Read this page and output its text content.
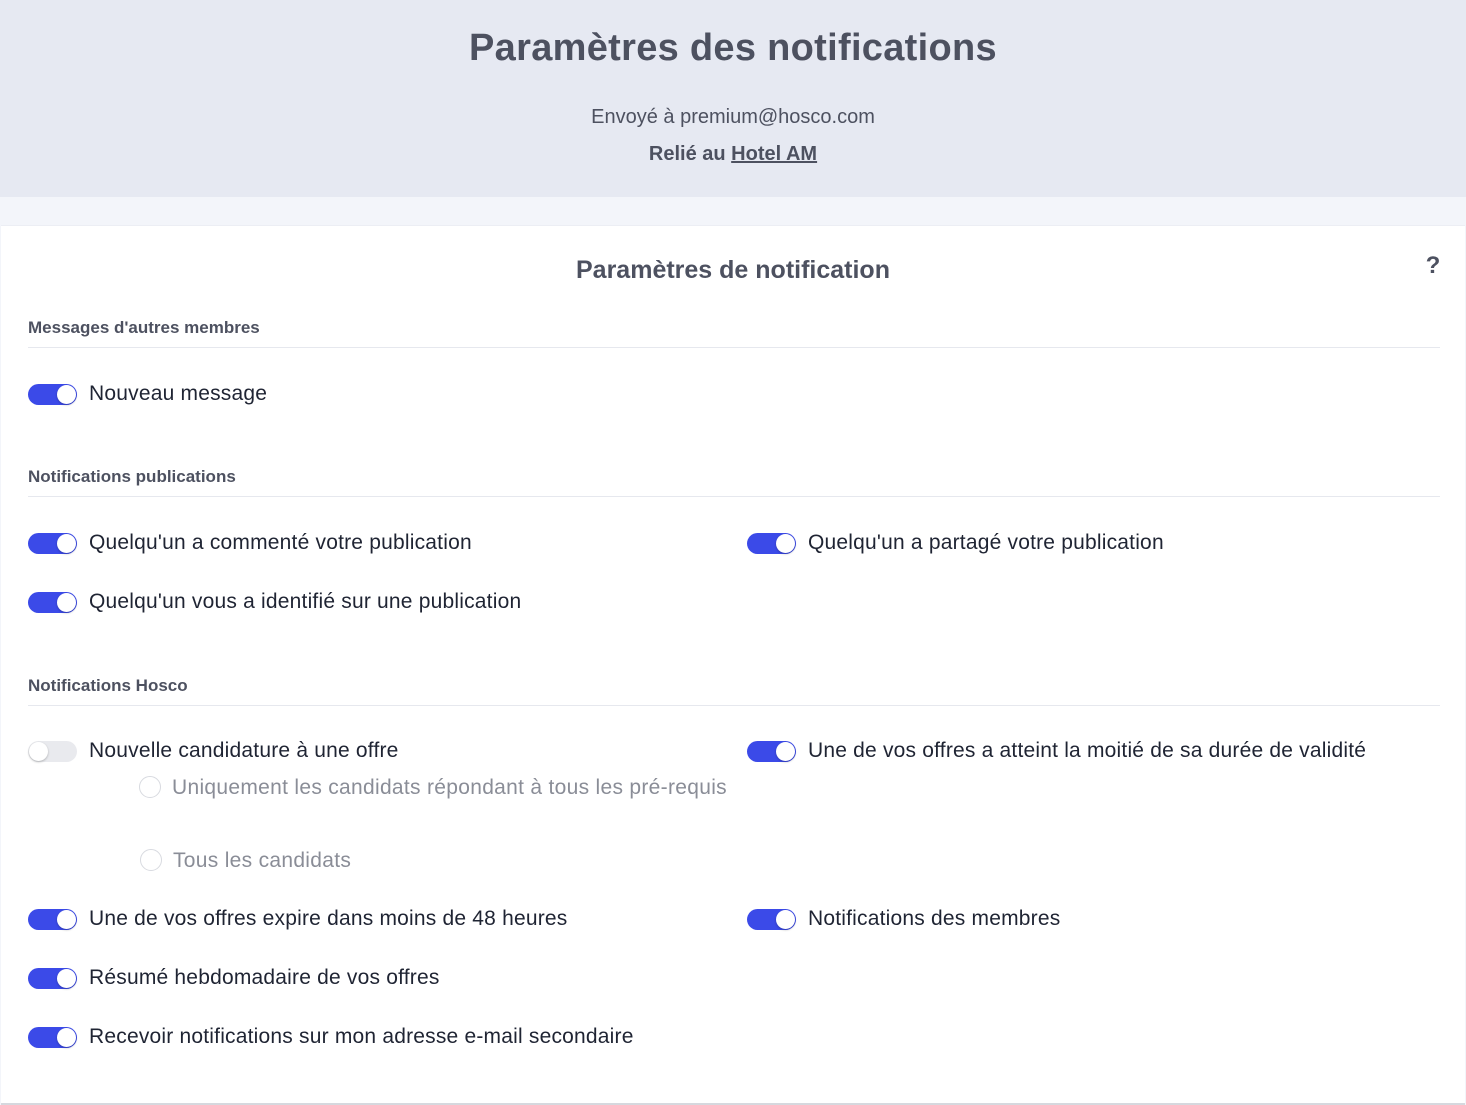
Paramètres des notifications
Envoyé à premium@hosco.com
Relié au Hotel AM
Paramètres de notification	?
Messages d'autres membres
Nouveau message
Notifications publications
Quelqu'un a commenté votre publication	Quelqu'un a partagé votre publication
Quelqu'un vous a identifié sur une publication
Notifications Hosco
Nouvelle candidature à une offre	Une de vos offres a atteint la moitié de sa durée de validité
Uniquement les candidats répondant à tous les pré-requis
Tous les candidats
Une de vos offres expire dans moins de 48 heures	Notifications des membres
Résumé hebdomadaire de vos offres
Recevoir notifications sur mon adresse e-mail secondaire
